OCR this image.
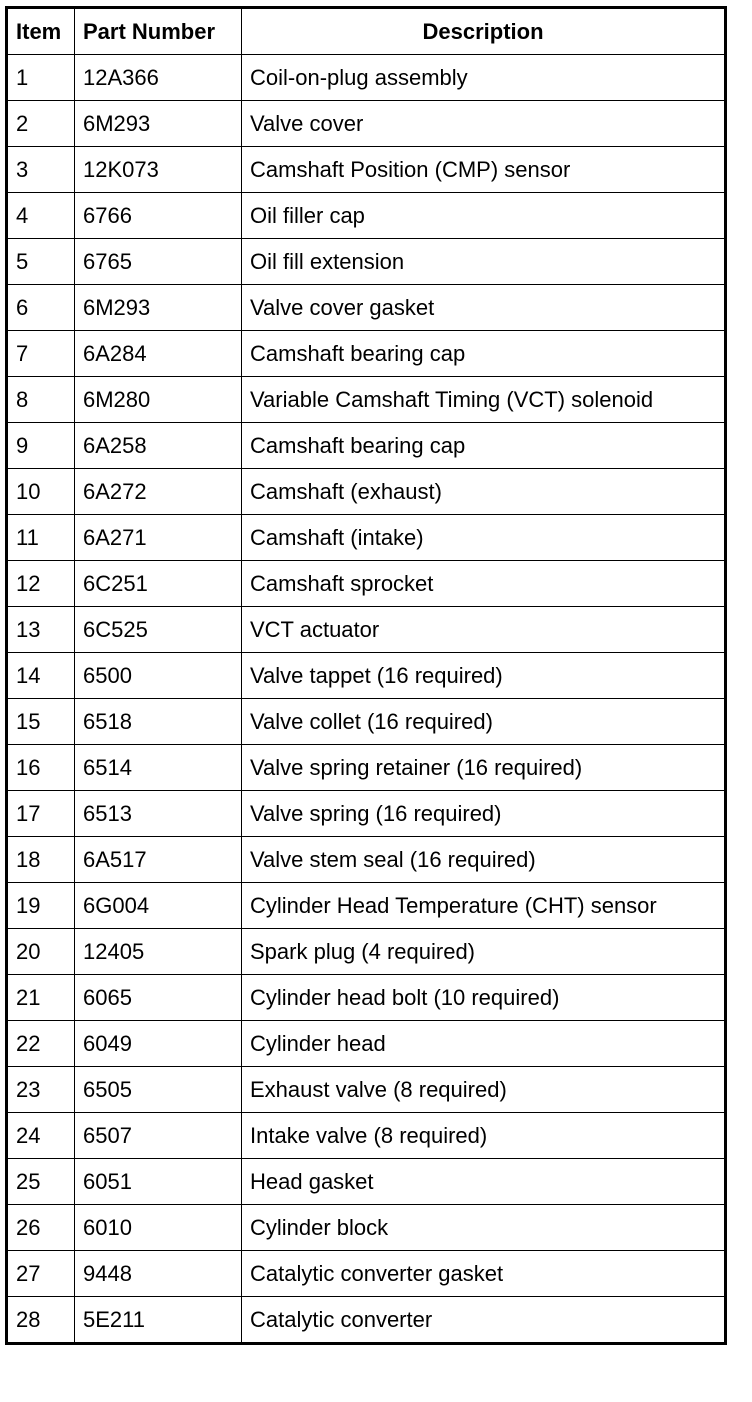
Item	Part Number	Description
1	12A366	Coil-on-plug assembly
2	6M293	Valve cover
3	12K073	Camshaft Position (CMP) sensor
4	6766	Oil filler cap
5	6765	Oil fill extension
6	6M293	Valve cover gasket
7	6A284	Camshaft bearing cap
8	6M280	Variable Camshaft Timing (VCT) solenoid
9	6A258	Camshaft bearing cap
10	6A272	Camshaft (exhaust)
11	6A271	Camshaft (intake)
12	6C251	Camshaft sprocket
13	6C525	VCT actuator
14	6500	Valve tappet (16 required)
15	6518	Valve collet (16 required)
16	6514	Valve spring retainer (16 required)
17	6513	Valve spring (16 required)
18	6A517	Valve stem seal (16 required)
19	6G004	Cylinder Head Temperature (CHT) sensor
20	12405	Spark plug (4 required)
21	6065	Cylinder head bolt (10 required)
22	6049	Cylinder head
23	6505	Exhaust valve (8 required)
24	6507	Intake valve (8 required)
25	6051	Head gasket
26	6010	Cylinder block
27	9448	Catalytic converter gasket
28	5E211	Catalytic converter
